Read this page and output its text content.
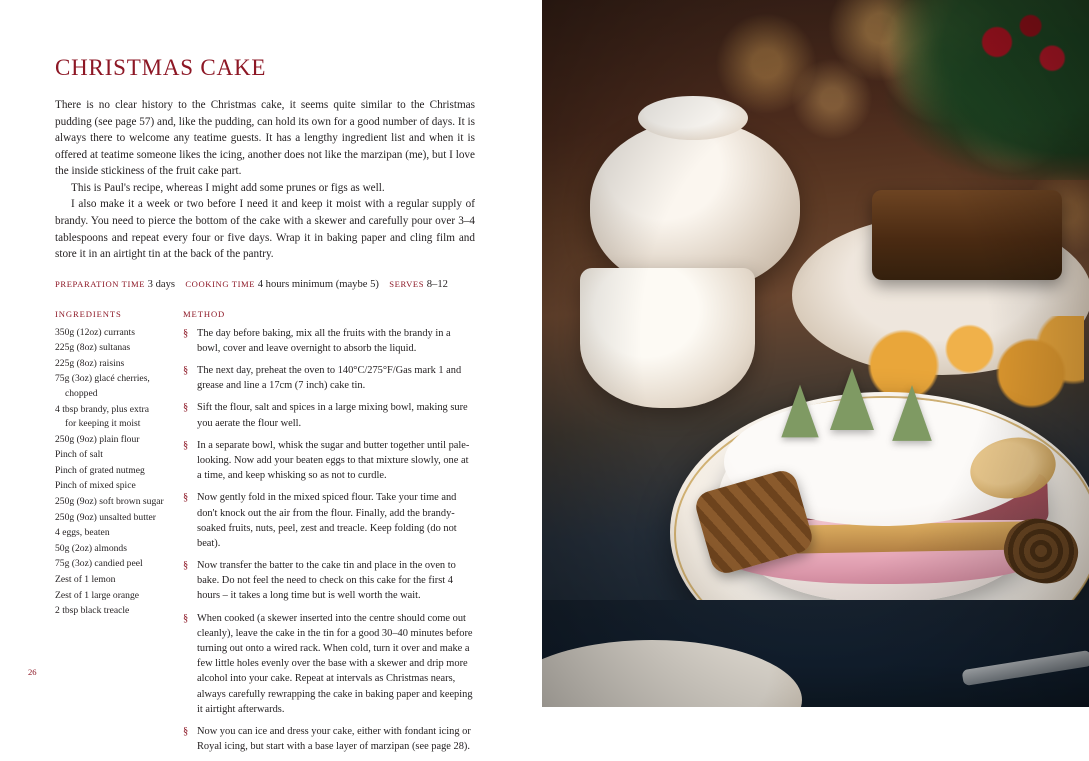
CHRISTMAS CAKE

There is no clear history to the Christmas cake, it seems quite similar to the Christmas pudding (see page 57) and, like the pudding, can hold its own for a good number of days. It is always there to welcome any teatime guests. It has a lengthy ingredient list and when it is offered at teatime someone likes the icing, another does not like the marzipan (me), but I love the inside stickiness of the fruit cake part.

This is Paul's recipe, whereas I might add some prunes or figs as well.

I also make it a week or two before I need it and keep it moist with a regular supply of brandy. You need to pierce the bottom of the cake with a skewer and carefully pour over 3–4 tablespoons and repeat every four or five days. Wrap it in baking paper and cling film and store it in an airtight tin at the back of the pantry.

PREPARATION TIME 3 days COOKING TIME 4 hours minimum (maybe 5) SERVES 8–12
INGREDIENTS
350g (12oz) currants
225g (8oz) sultanas
225g (8oz) raisins
75g (3oz) glacé cherries,
chopped
4 tbsp brandy, plus extra
for keeping it moist
250g (9oz) plain flour
Pinch of salt
Pinch of grated nutmeg
Pinch of mixed spice
250g (9oz) soft brown sugar
250g (9oz) unsalted butter
4 eggs, beaten
50g (2oz) almonds
75g (3oz) candied peel
Zest of 1 lemon
Zest of 1 large orange
2 tbsp black treacle
METHOD

§ The day before baking, mix all the fruits with the brandy in a bowl, cover and leave overnight to absorb the liquid.

§ The next day, preheat the oven to 140°C/275°F/Gas mark 1 and grease and line a 17cm (7 inch) cake tin.

§ Sift the flour, salt and spices in a large mixing bowl, making sure you aerate the flour well.

§ In a separate bowl, whisk the sugar and butter together until pale-looking. Now add your beaten eggs to that mixture slowly, one at a time, and keep whisking so as not to curdle.

§ Now gently fold in the mixed spiced flour. Take your time and don't knock out the air from the flour. Finally, add the brandy-soaked fruits, nuts, peel, zest and treacle. Keep folding (do not beat).

§ Now transfer the batter to the cake tin and place in the oven to bake. Do not feel the need to check on this cake for the first 4 hours – it takes a long time but is well worth the wait.

§ When cooked (a skewer inserted into the centre should come out cleanly), leave the cake in the tin for a good 30–40 minutes before turning out onto a wired rack. When cold, turn it over and make a few little holes evenly over the base with a skewer and drip more alcohol into your cake. Repeat at intervals as Christmas nears, always carefully rewrapping the cake in baking paper and keeping it airtight afterwards.

§ Now you can ice and dress your cake, either with fondant icing or Royal icing, but start with a base layer of marzipan (see page 28).

26
